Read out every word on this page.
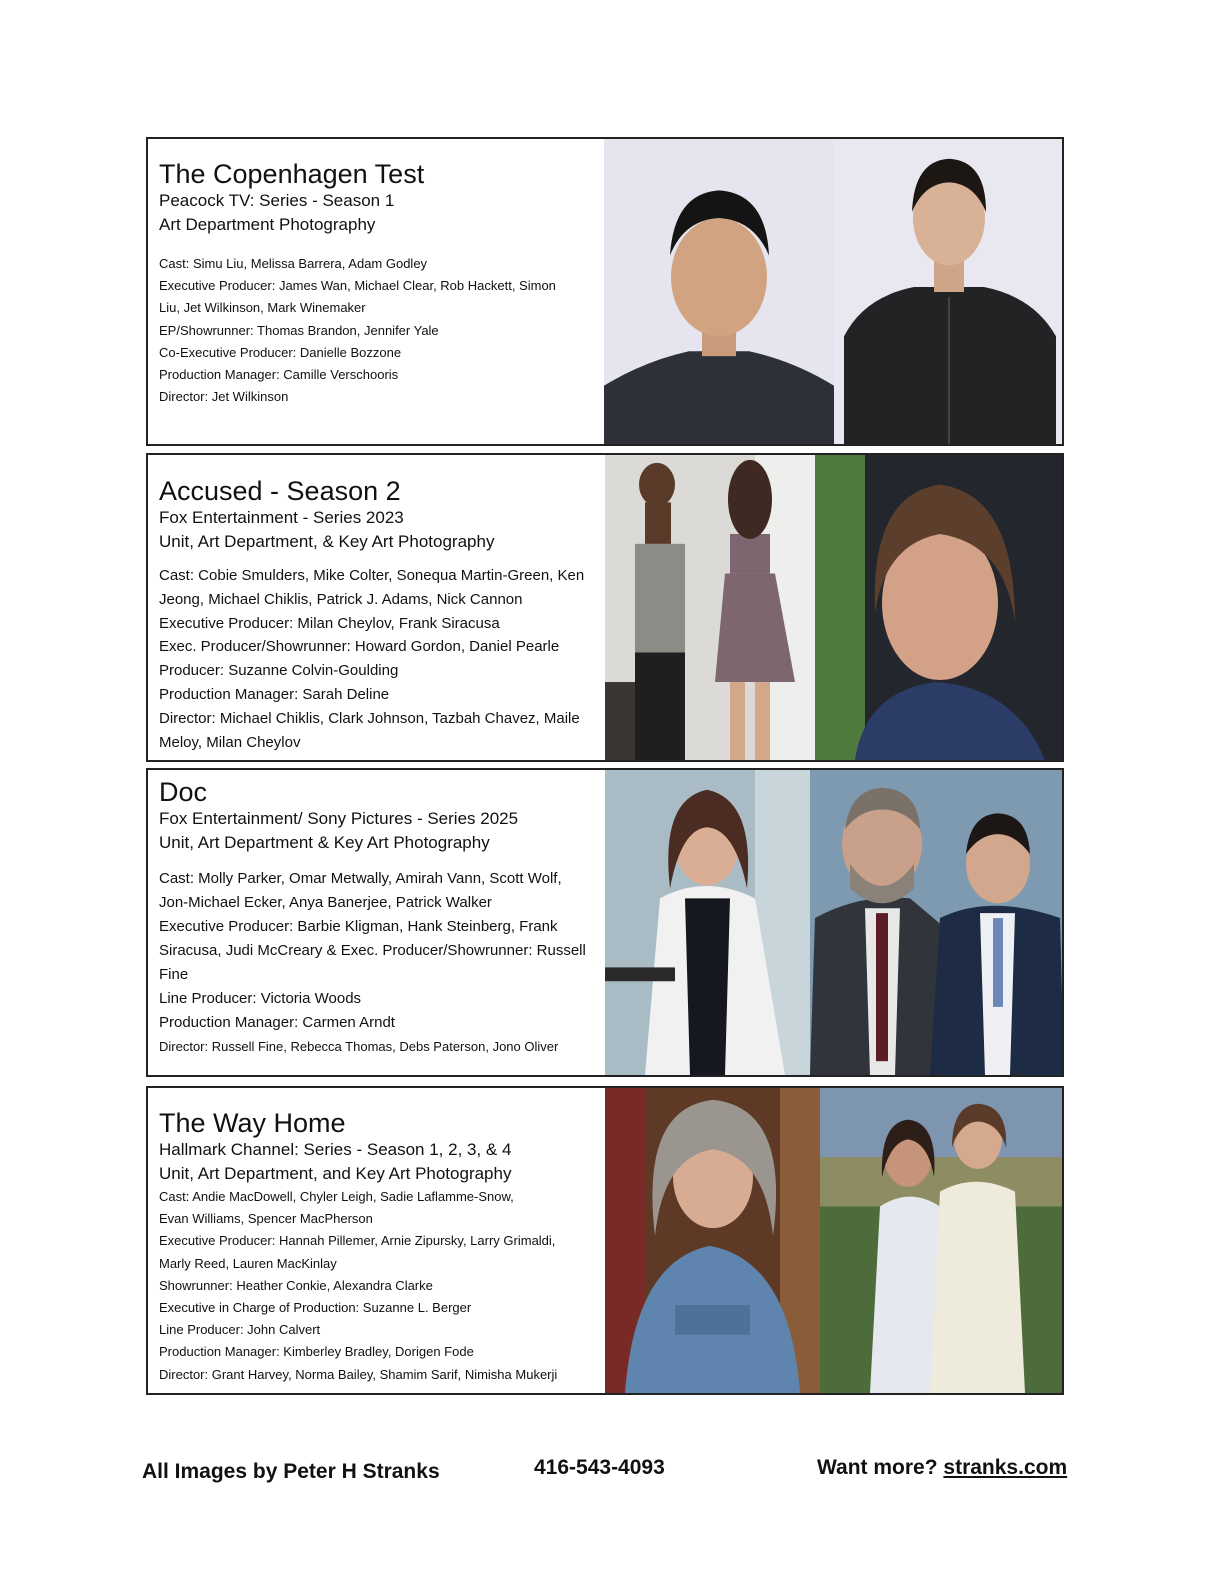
The Copenhagen Test
Peacock TV: Series - Season 1
Art Department Photography
Cast: Simu Liu, Melissa Barrera, Adam Godley
Executive Producer: James Wan, Michael Clear, Rob Hackett, Simon
Liu, Jet Wilkinson, Mark Winemaker
EP/Showrunner: Thomas Brandon, Jennifer Yale
Co-Executive Producer: Danielle Bozzone
Production Manager: Camille Verschooris
Director: Jet Wilkinson
Accused - Season 2
Fox Entertainment - Series 2023
Unit, Art Department, & Key Art Photography
Cast: Cobie Smulders, Mike Colter, Sonequa Martin-Green, Ken
Jeong, Michael Chiklis, Patrick J. Adams, Nick Cannon
Executive Producer: Milan Cheylov, Frank Siracusa
Exec. Producer/Showrunner: Howard Gordon, Daniel Pearle
Producer: Suzanne Colvin-Goulding
Production Manager: Sarah Deline
Director: Michael Chiklis, Clark Johnson, Tazbah Chavez, Maile
Meloy, Milan Cheylov
Doc
Fox Entertainment/ Sony Pictures - Series 2025
Unit, Art Department & Key Art Photography
Cast: Molly Parker, Omar Metwally, Amirah Vann, Scott Wolf,
Jon-Michael Ecker, Anya Banerjee, Patrick Walker
Executive Producer: Barbie Kligman, Hank Steinberg, Frank
Siracusa, Judi McCreary & Exec. Producer/Showrunner: Russell
Fine
Line Producer: Victoria Woods
Production Manager: Carmen Arndt
Director: Russell Fine, Rebecca Thomas, Debs Paterson, Jono Oliver
The Way Home
Hallmark Channel: Series - Season 1, 2, 3, & 4
Unit, Art Department, and Key Art Photography
Cast: Andie MacDowell, Chyler Leigh, Sadie Laflamme-Snow,
Evan Williams, Spencer MacPherson
Executive Producer: Hannah Pillemer, Arnie Zipursky, Larry Grimaldi,
Marly Reed, Lauren MacKinlay
Showrunner: Heather Conkie, Alexandra Clarke
Executive in Charge of Production: Suzanne L. Berger
Line Producer: John Calvert
Production Manager: Kimberley Bradley, Dorigen Fode
Director: Grant Harvey, Norma Bailey, Shamim Sarif, Nimisha Mukerji
All Images by Peter H Stranks	416-543-4093	Want more? stranks.com
